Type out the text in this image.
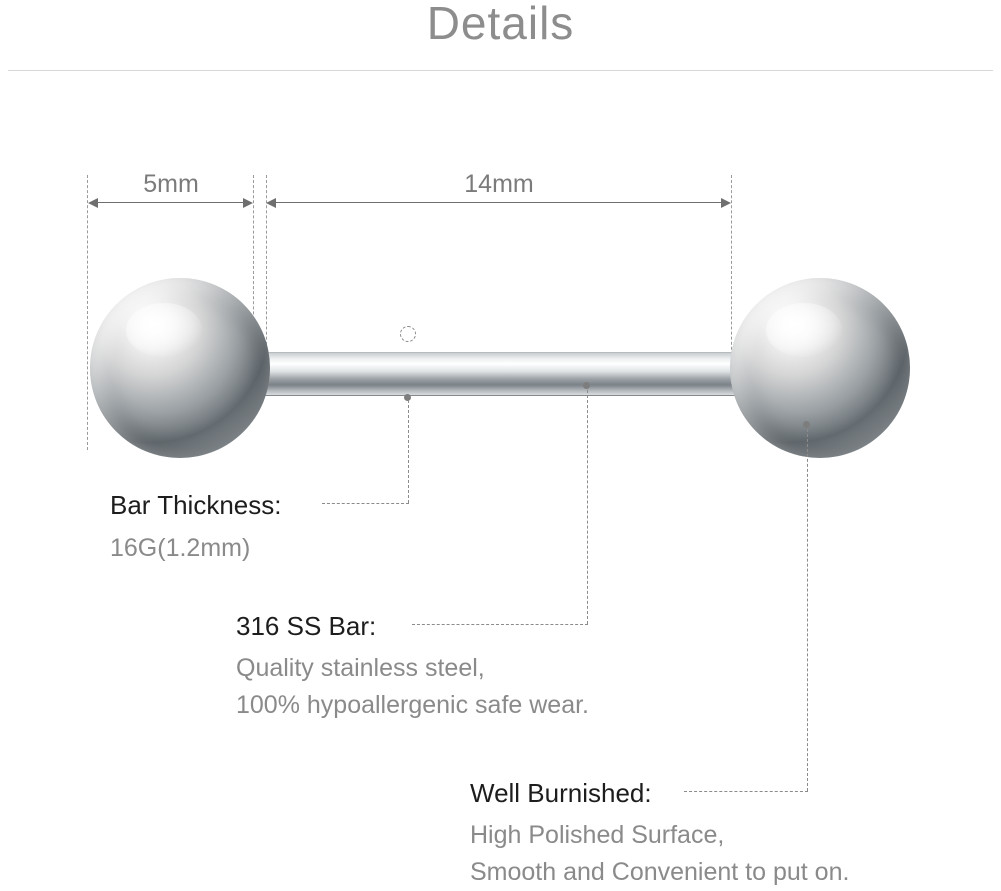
Details
5mm	14mm
Bar Thickness:
16G(1.2mm)
316 SS Bar:
Quality stainless steel,
100% hypoallergenic safe wear.
Well Burnished:
High Polished Surface,
Smooth and Convenient to put on.
